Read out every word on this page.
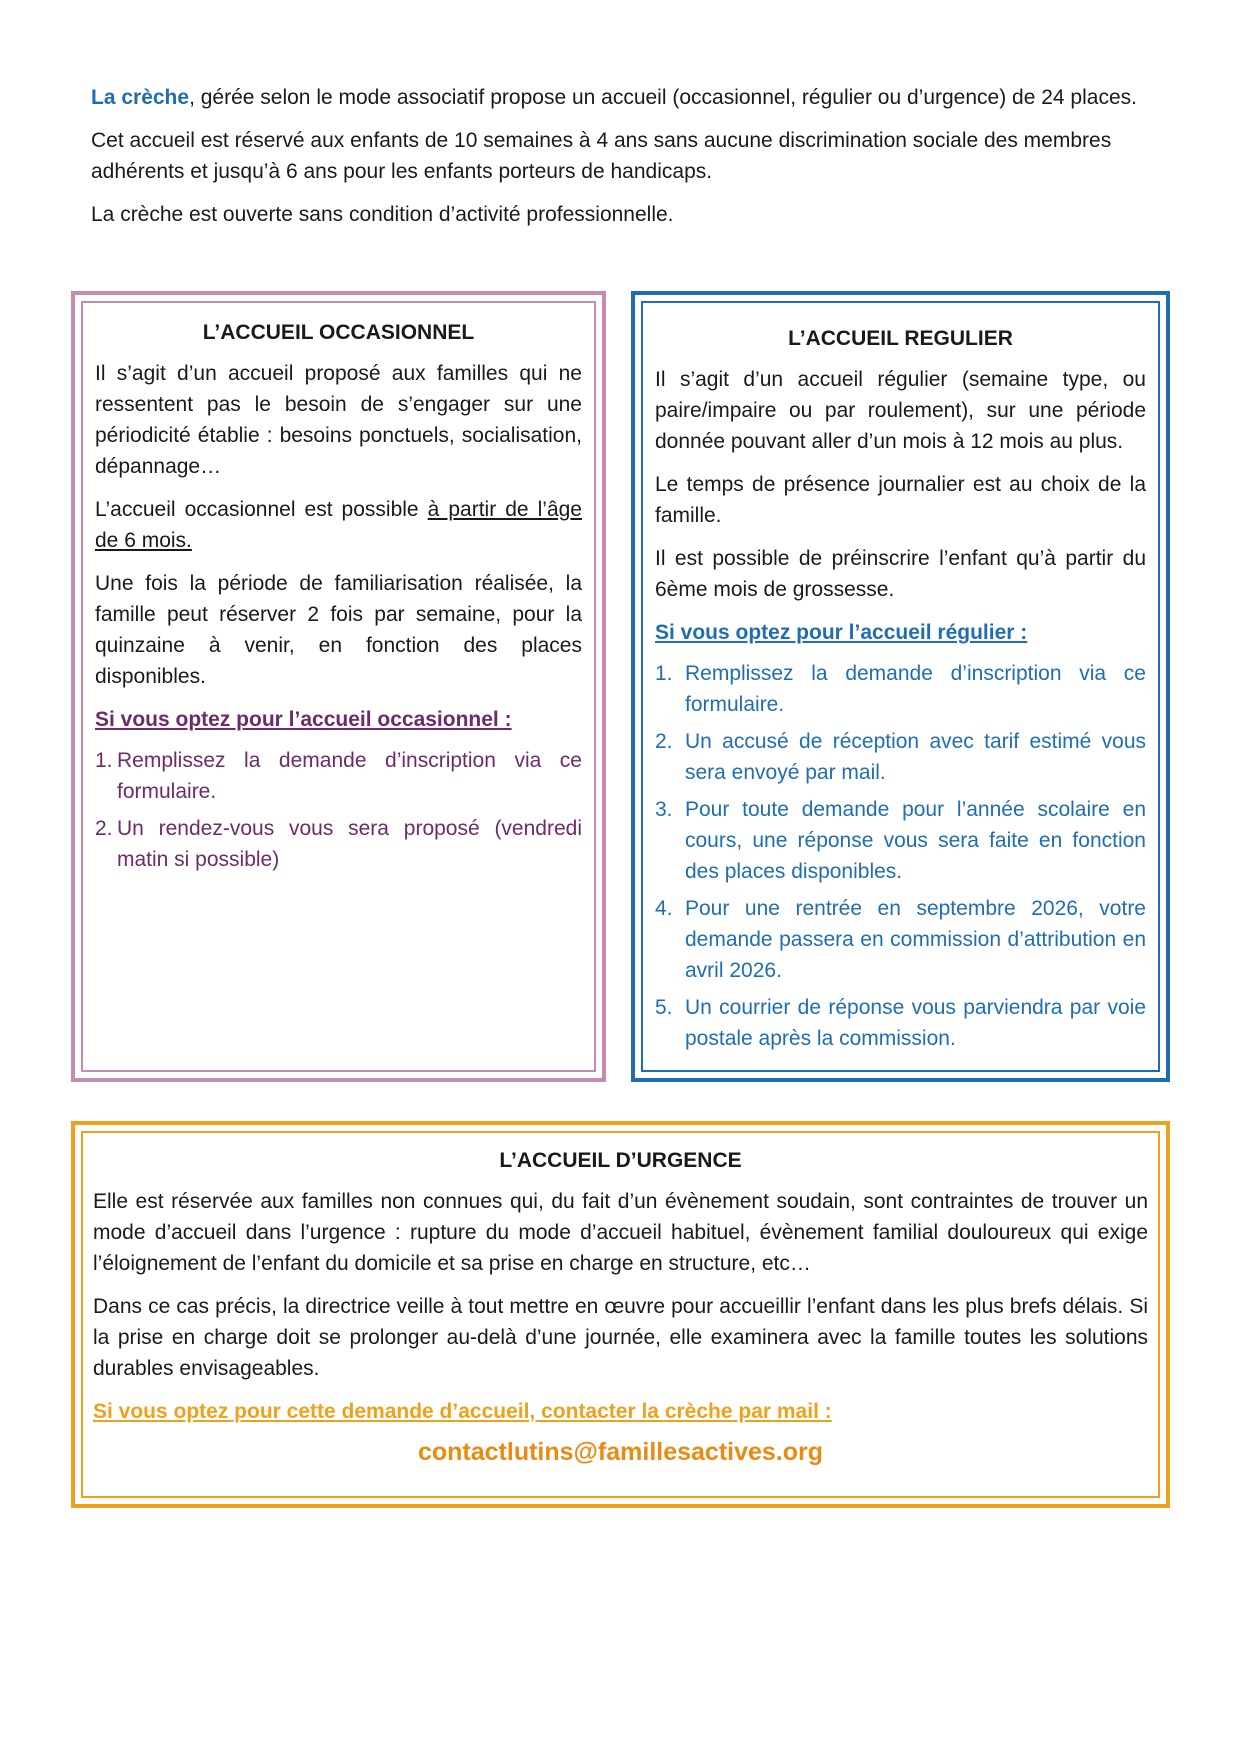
La crèche, gérée selon le mode associatif propose un accueil (occasionnel, régulier ou d’urgence) de 24 places.

Cet accueil est réservé aux enfants de 10 semaines à 4 ans sans aucune discrimination sociale des membres adhérents et jusqu’à 6 ans pour les enfants porteurs de handicaps.

La crèche est ouverte sans condition d’activité professionnelle.

L’ACCUEIL OCCASIONNEL

Il s’agit d’un accueil proposé aux familles qui ne ressentent pas le besoin de s’engager sur une périodicité établie : besoins ponctuels, socialisation, dépannage…

L’accueil occasionnel est possible à partir de l’âge de 6 mois.

Une fois la période de familiarisation réalisée, la famille peut réserver 2 fois par semaine, pour la quinzaine à venir, en fonction des places disponibles.

Si vous optez pour l’accueil occasionnel :

1. Remplissez la demande d’inscription via ce formulaire.
2. Un rendez-vous vous sera proposé (vendredi matin si possible)
L’ACCUEIL REGULIER

Il s’agit d’un accueil régulier (semaine type, ou paire/impaire ou par roulement), sur une période donnée pouvant aller d’un mois à 12 mois au plus.

Le temps de présence journalier est au choix de la famille.

Il est possible de préinscrire l’enfant qu’à partir du 6ème mois de grossesse.

Si vous optez pour l’accueil régulier :

1. Remplissez la demande d’inscription via ce formulaire.
2. Un accusé de réception avec tarif estimé vous sera envoyé par mail.
3. Pour toute demande pour l’année scolaire en cours, une réponse vous sera faite en fonction des places disponibles.
4. Pour une rentrée en septembre 2026, votre demande passera en commission d’attribution en avril 2026.
5. Un courrier de réponse vous parviendra par voie postale après la commission.
L’ACCUEIL D’URGENCE

Elle est réservée aux familles non connues qui, du fait d’un évènement soudain, sont contraintes de trouver un mode d’accueil dans l’urgence : rupture du mode d’accueil habituel, évènement familial douloureux qui exige l’éloignement de l’enfant du domicile et sa prise en charge en structure, etc…

Dans ce cas précis, la directrice veille à tout mettre en œuvre pour accueillir l’enfant dans les plus brefs délais. Si la prise en charge doit se prolonger au-delà d’une journée, elle examinera avec la famille toutes les solutions durables envisageables.

Si vous optez pour cette demande d’accueil, contacter la crèche par mail :

contactlutins@famillesactives.org
